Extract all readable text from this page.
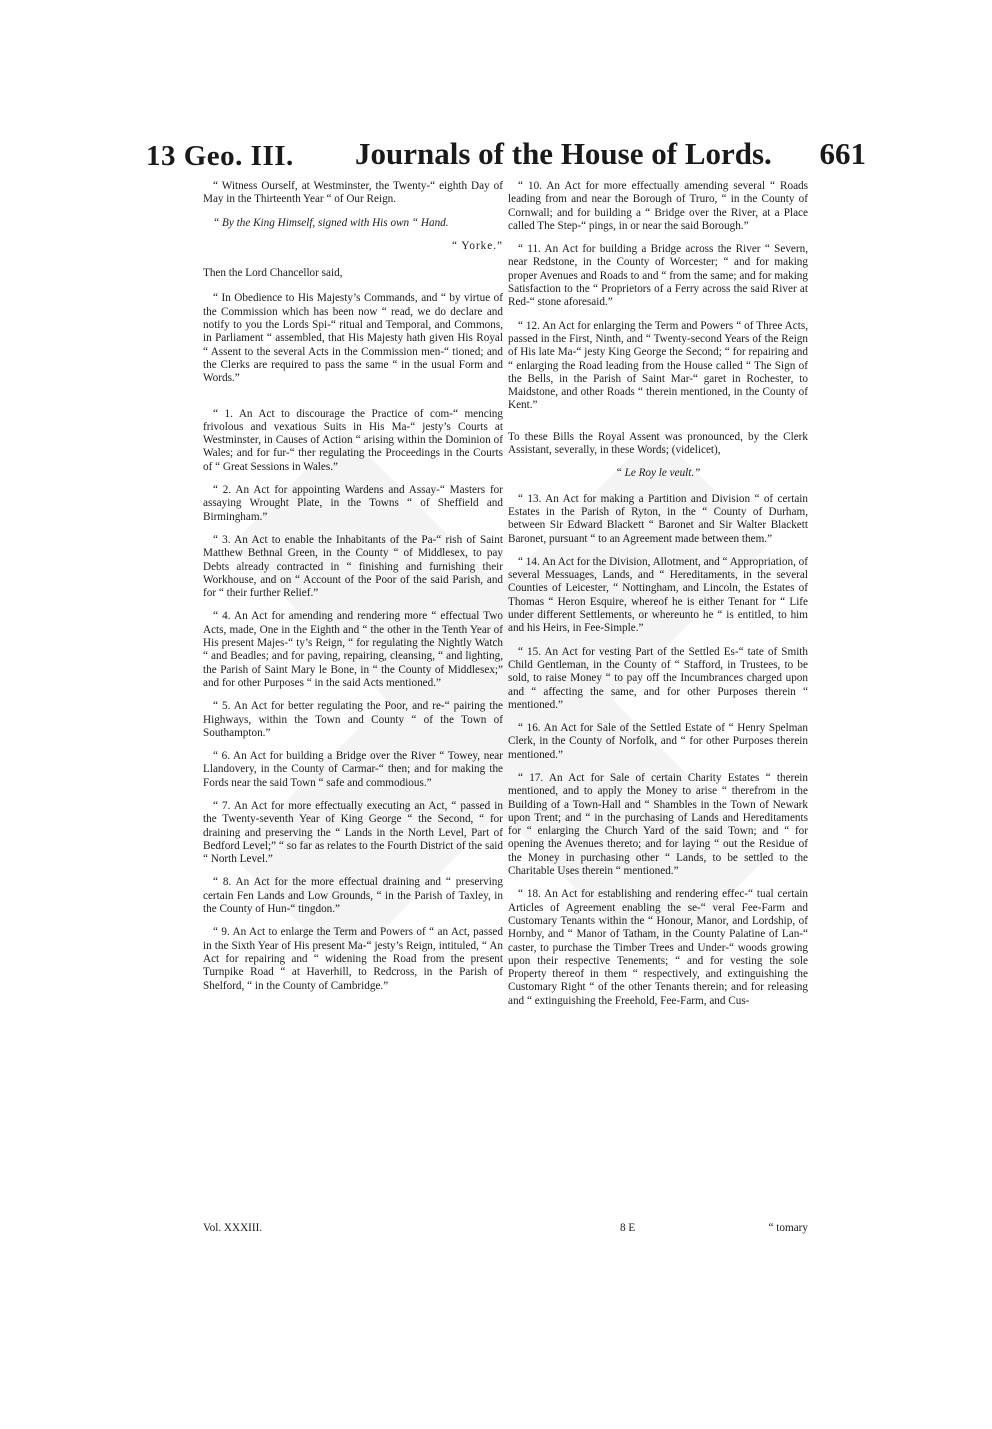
13 Geo. III. Journals of the House of Lords. 661

“ Witness Ourself, at Westminster, the Twenty-“ eighth Day of May in the Thirteenth Year “ of Our Reign.

“ By the King Himself, signed with His own “ Hand.

“ Yorke.”

Then the Lord Chancellor said,

“ In Obedience to His Majesty’s Commands, and “ by virtue of the Commission which has been now “ read, we do declare and notify to you the Lords Spi-“ ritual and Temporal, and Commons, in Parliament “ assembled, that His Majesty hath given His Royal “ Assent to the several Acts in the Commission men-“ tioned; and the Clerks are required to pass the same “ in the usual Form and Words.”

“ 1. An Act to discourage the Practice of com-“ mencing frivolous and vexatious Suits in His Ma-“ jesty’s Courts at Westminster, in Causes of Action “ arising within the Dominion of Wales; and for fur-“ ther regulating the Proceedings in the Courts of “ Great Sessions in Wales.”

“ 2. An Act for appointing Wardens and Assay-“ Masters for assaying Wrought Plate, in the Towns “ of Sheffield and Birmingham.”

“ 3. An Act to enable the Inhabitants of the Pa-“ rish of Saint Matthew Bethnal Green, in the County “ of Middlesex, to pay Debts already contracted in “ finishing and furnishing their Workhouse, and on “ Account of the Poor of the said Parish, and for “ their further Relief.”

“ 4. An Act for amending and rendering more “ effectual Two Acts, made, One in the Eighth and “ the other in the Tenth Year of His present Majes-“ ty’s Reign, “ for regulating the Nightly Watch “ and Beadles; and for paving, repairing, cleansing, “ and lighting, the Parish of Saint Mary le Bone, in “ the County of Middlesex;” and for other Purposes “ in the said Acts mentioned.”

“ 5. An Act for better regulating the Poor, and re-“ pairing the Highways, within the Town and County “ of the Town of Southampton.”

“ 6. An Act for building a Bridge over the River “ Towey, near Llandovery, in the County of Carmar-“ then; and for making the Fords near the said Town “ safe and commodious.”

“ 7. An Act for more effectually executing an Act, “ passed in the Twenty-seventh Year of King George “ the Second, “ for draining and preserving the “ Lands in the North Level, Part of Bedford Level;” “ so far as relates to the Fourth District of the said “ North Level.”

“ 8. An Act for the more effectual draining and “ preserving certain Fen Lands and Low Grounds, “ in the Parish of Taxley, in the County of Hun-“ tingdon.”

“ 9. An Act to enlarge the Term and Powers of “ an Act, passed in the Sixth Year of His present Ma-“ jesty’s Reign, intituled, “ An Act for repairing and “ widening the Road from the present Turnpike Road “ at Haverhill, to Redcross, in the Parish of Shelford, “ in the County of Cambridge.”

Vol. XXXIII.

“ 10. An Act for more effectually amending several “ Roads leading from and near the Borough of Truro, “ in the County of Cornwall; and for building a “ Bridge over the River, at a Place called The Step-“ pings, in or near the said Borough.”

“ 11. An Act for building a Bridge across the River “ Severn, near Redstone, in the County of Worcester; “ and for making proper Avenues and Roads to and “ from the same; and for making Satisfaction to the “ Proprietors of a Ferry across the said River at Red-“ stone aforesaid.”

“ 12. An Act for enlarging the Term and Powers “ of Three Acts, passed in the First, Ninth, and “ Twenty-second Years of the Reign of His late Ma-“ jesty King George the Second; “ for repairing and “ enlarging the Road leading from the House called “ The Sign of the Bells, in the Parish of Saint Mar-“ garet in Rochester, to Maidstone, and other Roads “ therein mentioned, in the County of Kent.”

To these Bills the Royal Assent was pronounced, by the Clerk Assistant, severally, in these Words; (videlicet),

“ Le Roy le veult.”

“ 13. An Act for making a Partition and Division “ of certain Estates in the Parish of Ryton, in the “ County of Durham, between Sir Edward Blackett “ Baronet and Sir Walter Blackett Baronet, pursuant “ to an Agreement made between them.”

“ 14. An Act for the Division, Allotment, and “ Appropriation, of several Messuages, Lands, and “ Hereditaments, in the several Counties of Leicester, “ Nottingham, and Lincoln, the Estates of Thomas “ Heron Esquire, whereof he is either Tenant for “ Life under different Settlements, or whereunto he “ is entitled, to him and his Heirs, in Fee-Simple.”

“ 15. An Act for vesting Part of the Settled Es-“ tate of Smith Child Gentleman, in the County of “ Stafford, in Trustees, to be sold, to raise Money “ to pay off the Incumbrances charged upon and “ affecting the same, and for other Purposes therein “ mentioned.”

“ 16. An Act for Sale of the Settled Estate of “ Henry Spelman Clerk, in the County of Norfolk, and “ for other Purposes therein mentioned.”

“ 17. An Act for Sale of certain Charity Estates “ therein mentioned, and to apply the Money to arise “ therefrom in the Building of a Town-Hall and “ Shambles in the Town of Newark upon Trent; and “ in the purchasing of Lands and Hereditaments for “ enlarging the Church Yard of the said Town; and “ for opening the Avenues thereto; and for laying “ out the Residue of the Money in purchasing other “ Lands, to be settled to the Charitable Uses therein “ mentioned.”

“ 18. An Act for establishing and rendering effec-“ tual certain Articles of Agreement enabling the se-“ veral Fee-Farm and Customary Tenants within the “ Honour, Manor, and Lordship, of Hornby, and “ Manor of Tatham, in the County Palatine of Lan-“ caster, to purchase the Timber Trees and Under-“ woods growing upon their respective Tenements; “ and for vesting the sole Property thereof in them “ respectively, and extinguishing the Customary Right “ of the other Tenants therein; and for releasing and “ extinguishing the Freehold, Fee-Farm, and Cus-

8 E	“ tomary
